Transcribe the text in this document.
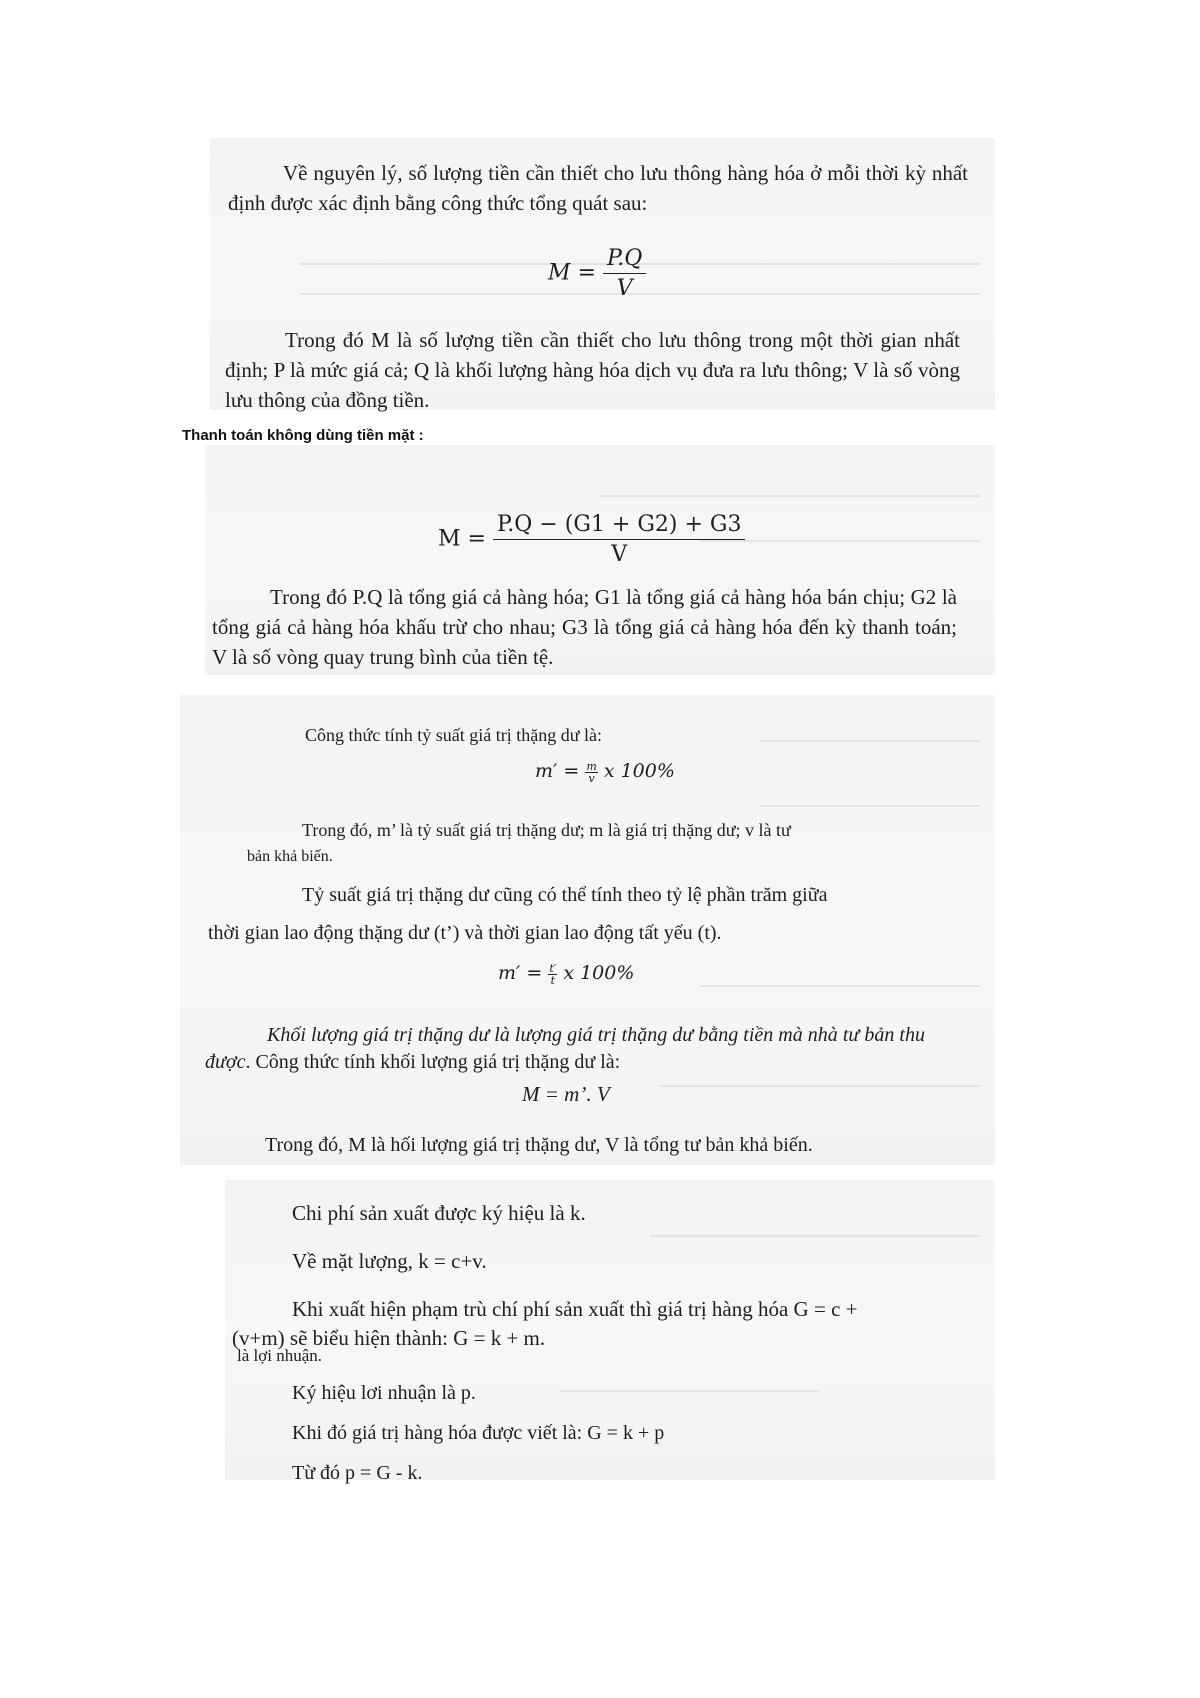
Về nguyên lý, số lượng tiền cần thiết cho lưu thông hàng hóa ở mỗi thời kỳ nhất định được xác định bằng công thức tổng quát sau:

$M = \frac{P.Q}{V}$

Trong đó M là số lượng tiền cần thiết cho lưu thông trong một thời gian nhất định; P là mức giá cả; Q là khối lượng hàng hóa dịch vụ đưa ra lưu thông; V là số vòng lưu thông của đồng tiền.

Thanh toán không dùng tiền mặt :
$M = \frac{P.Q - (G1 + G2) + G3}{V}$

Trong đó P.Q là tổng giá cả hàng hóa; G1 là tổng giá cả hàng hóa bán chịu; G2 là tổng giá cả hàng hóa khấu trừ cho nhau; G3 là tổng giá cả hàng hóa đến kỳ thanh toán; V là số vòng quay trung bình của tiền tệ.

Công thức tính tỷ suất giá trị thặng dư là:

$m' = \frac{m}{v}$ x 100%

Trong đó, m’ là tỷ suất giá trị thặng dư; m là giá trị thặng dư; v là tư

bản khả biến.

Tỷ suất giá trị thặng dư cũng có thể tính theo tỷ lệ phần trăm giữa

thời gian lao động thặng dư (t’) và thời gian lao động tất yếu (t).

$m' = \frac{t'}{t}$ x 100%

Khối lượng giá trị thặng dư là lượng giá trị thặng dư bằng tiền mà nhà tư bản thu được. Công thức tính khối lượng giá trị thặng dư là:

M = m’. V

Trong đó, M là hối lượng giá trị thặng dư, V là tổng tư bản khả biến.

Chi phí sản xuất được ký hiệu là k.

Về mặt lượng, k = c+v.

Khi xuất hiện phạm trù chí phí sản xuất thì giá trị hàng hóa G = c +

(v+m) sẽ biểu hiện thành: G = k + m.

là lợi nhuận.

Ký hiệu lơi nhuận là p.

Khi đó giá trị hàng hóa được viết là: G = k + p

Từ đó p = G - k.
